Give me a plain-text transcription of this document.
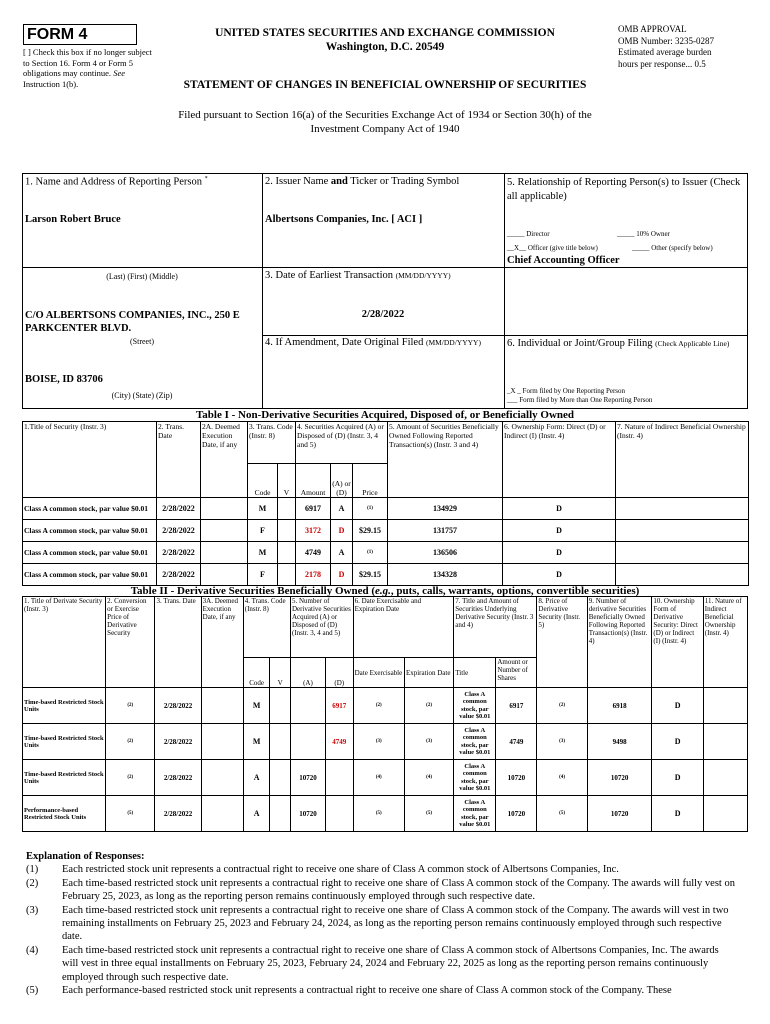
FORM 4
[ ] Check this box if no longer subject to Section 16. Form 4 or Form 5 obligations may continue. See Instruction 1(b).
UNITED STATES SECURITIES AND EXCHANGE COMMISSION
Washington, D.C. 20549
STATEMENT OF CHANGES IN BENEFICIAL OWNERSHIP OF SECURITIES
OMB APPROVAL
OMB Number: 3235-0287
Estimated average burden
hours per response... 0.5
Filed pursuant to Section 16(a) of the Securities Exchange Act of 1934 or Section 30(h) of the Investment Company Act of 1940
1. Name and Address of Reporting Person *
Larson Robert Bruce
(Last) (First) (Middle)
C/O ALBERTSONS COMPANIES, INC., 250 E PARKCENTER BLVD.
(Street)
BOISE, ID 83706
(City) (State) (Zip)
2. Issuer Name and Ticker or Trading Symbol
Albertsons Companies, Inc. [ ACI ]
3. Date of Earliest Transaction (MM/DD/YYYY)
2/28/2022
4. If Amendment, Date Original Filed (MM/DD/YYYY)
5. Relationship of Reporting Person(s) to Issuer (Check all applicable)
_____ Director	_____ 10% Owner
__X__ Officer (give title below)	_____ Other (specify below)
Chief Accounting Officer
6. Individual or Joint/Group Filing (Check Applicable Line)
_X _ Form filed by One Reporting Person
___ Form filed by More than One Reporting Person
Table I - Non-Derivative Securities Acquired, Disposed of, or Beneficially Owned
1.Title of Security (Instr. 3)	2. Trans. Date	2A. Deemed Execution Date, if any	3. Trans. Code (Instr. 8)		4. Securities Acquired (A) or Disposed of (D) (Instr. 3, 4 and 5)			5. Amount of Securities Beneficially Owned Following Reported Transaction(s) (Instr. 3 and 4)	6. Ownership Form: Direct (D) or Indirect (I) (Instr. 4)	7. Nature of Indirect Beneficial Ownership (Instr. 4)
			Code	V	Amount	(A) or (D)	Price			
Class A common stock, par value $0.01	2/28/2022		M		6917	A	(1)	134929	D	
Class A common stock, par value $0.01	2/28/2022		F		3172	D	$29.15	131757	D	
Class A common stock, par value $0.01	2/28/2022		M		4749	A	(1)	136506	D	
Class A common stock, par value $0.01	2/28/2022		F		2178	D	$29.15	134328	D	
Table II - Derivative Securities Beneficially Owned (e.g., puts, calls, warrants, options, convertible securities)
1. Title of Derivate Security (Instr. 3)	2. Conversion or Exercise Price of Derivative Security	3. Trans. Date	3A. Deemed Execution Date, if any	4. Trans. Code (Instr. 8)		5. Number of Derivative Securities Acquired (A) or Disposed of (D) (Instr. 3, 4 and 5)		6. Date Exercisable and Expiration Date		7. Title and Amount of Securities Underlying Derivative Security (Instr. 3 and 4)		8. Price of Derivative Security (Instr. 5)	9. Number of derivative Securities Beneficially Owned Following Reported Transaction(s) (Instr. 4)	10. Ownership Form of Derivative Security: Direct (D) or Indirect (I) (Instr. 4)	11. Nature of Indirect Beneficial Ownership (Instr. 4)
				Code	V	(A)	(D)	Date Exercisable	Expiration Date	Title	Amount or Number of Shares				
Time-based Restricted Stock Units	(2)	2/28/2022		M			6917	(2)	(2)	Class A common stock, par value $0.01	6917	(2)	6918	D	
Time-based Restricted Stock Units	(2)	2/28/2022		M			4749	(3)	(3)	Class A common stock, par value $0.01	4749	(3)	9498	D	
Time-based Restricted Stock Units	(2)	2/28/2022		A		10720		(4)	(4)	Class A common stock, par value $0.01	10720	(4)	10720	D	
Performance-based Restricted Stock Units	(5)	2/28/2022		A		10720		(5)	(5)	Class A common stock, par value $0.01	10720	(5)	10720	D	
Explanation of Responses:
(1)	Each restricted stock unit represents a contractual right to receive one share of Class A common stock of Albertsons Companies, Inc.
(2)	Each time-based restricted stock unit represents a contractual right to receive one share of Class A common stock of the Company. The awards will fully vest on February 25, 2023, as long as the reporting person remains continuously employed through such respective date.
(3)	Each time-based restricted stock unit represents a contractual right to receive one share of Class A common stock of the Company. The awards will vest in two remaining installments on February 25, 2023 and February 24, 2024, as long as the reporting person remains continuously employed through such respective date.
(4)	Each time-based restricted stock unit represents a contractual right to receive one share of Class A common stock of Albertsons Companies, Inc. The awards will vest in three equal installments on February 25, 2023, February 24, 2024 and February 22, 2025 as long as the reporting person remains continuously employed through such respective date.
(5)	Each performance-based restricted stock unit represents a contractual right to receive one share of Class A common stock of the Company. These
